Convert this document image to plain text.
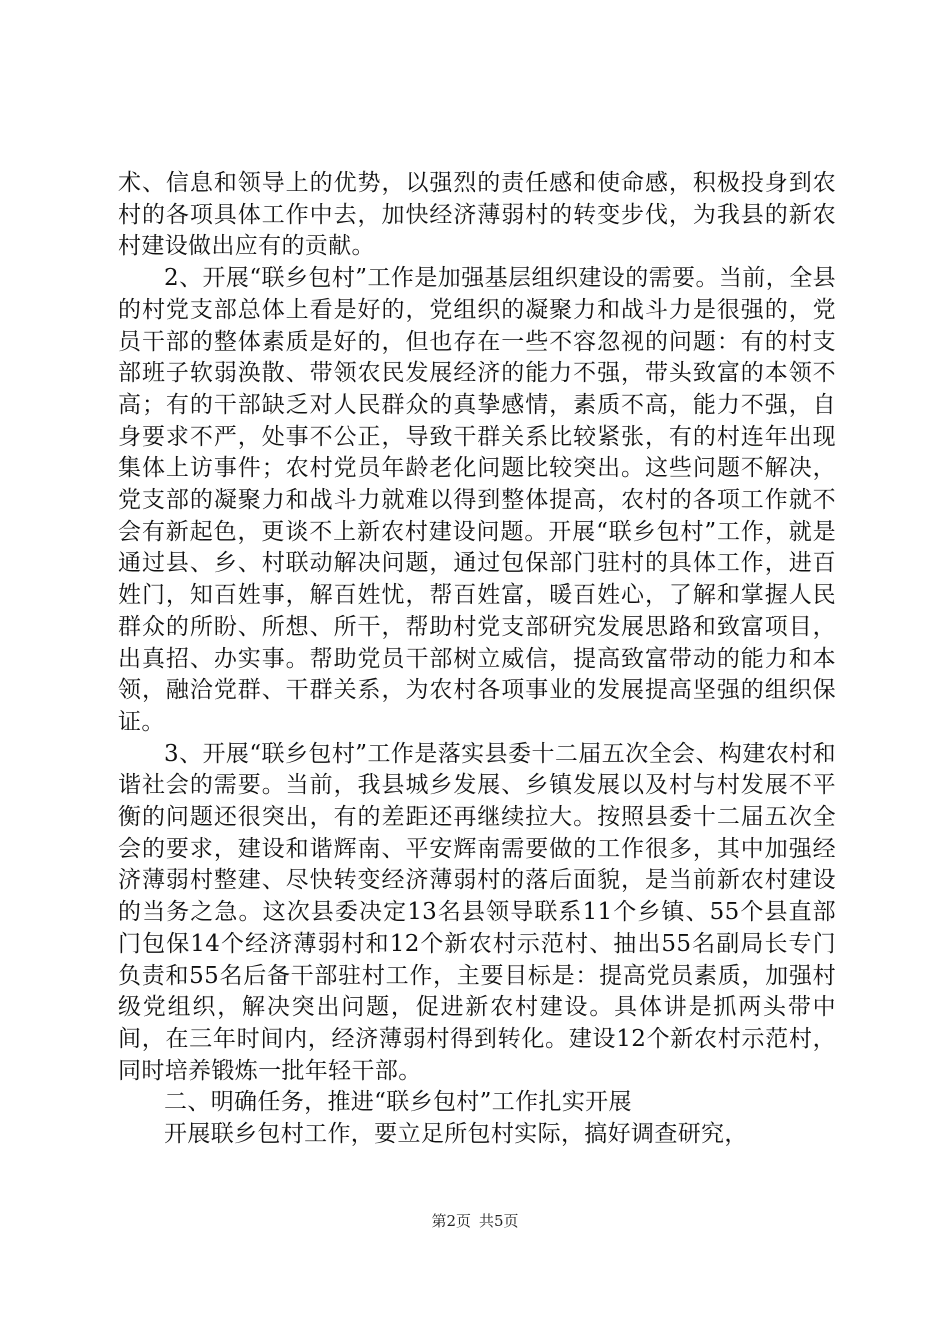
术、信息和领导上的优势，以强烈的责任感和使命感，积极投身到农村的各项具体工作中去，加快经济薄弱村的转变步伐，为我县的新农村建设做出应有的贡献。

2、开展“联乡包村”工作是加强基层组织建设的需要。当前，全县的村党支部总体上看是好的，党组织的凝聚力和战斗力是很强的，党员干部的整体素质是好的，但也存在一些不容忽视的问题：有的村支部班子软弱涣散、带领农民发展经济的能力不强，带头致富的本领不高；有的干部缺乏对人民群众的真挚感情，素质不高，能力不强，自身要求不严，处事不公正，导致干群关系比较紧张，有的村连年出现集体上访事件；农村党员年龄老化问题比较突出。这些问题不解决，党支部的凝聚力和战斗力就难以得到整体提高，农村的各项工作就不会有新起色，更谈不上新农村建设问题。开展“联乡包村”工作，就是通过县、乡、村联动解决问题，通过包保部门驻村的具体工作，进百姓门，知百姓事，解百姓忧，帮百姓富，暖百姓心，了解和掌握人民群众的所盼、所想、所干，帮助村党支部研究发展思路和致富项目，出真招、办实事。帮助党员干部树立威信，提高致富带动的能力和本领，融洽党群、干群关系，为农村各项事业的发展提高坚强的组织保证。

3、开展“联乡包村”工作是落实县委十二届五次全会、构建农村和谐社会的需要。当前，我县城乡发展、乡镇发展以及村与村发展不平衡的问题还很突出，有的差距还再继续拉大。按照县委十二届五次全会的要求，建设和谐辉南、平安辉南需要做的工作很多，其中加强经济薄弱村整建、尽快转变经济薄弱村的落后面貌，是当前新农村建设的当务之急。这次县委决定13名县领导联系11个乡镇、55个县直部门包保14个经济薄弱村和12个新农村示范村、抽出55名副局长专门负责和55名后备干部驻村工作，主要目标是：提高党员素质，加强村级党组织，解决突出问题，促进新农村建设。具体讲是抓两头带中间，在三年时间内，经济薄弱村得到转化。建设12个新农村示范村，同时培养锻炼一批年轻干部。

二、明确任务，推进“联乡包村”工作扎实开展

开展联乡包村工作，要立足所包村实际，搞好调查研究，

第2页 共5页
